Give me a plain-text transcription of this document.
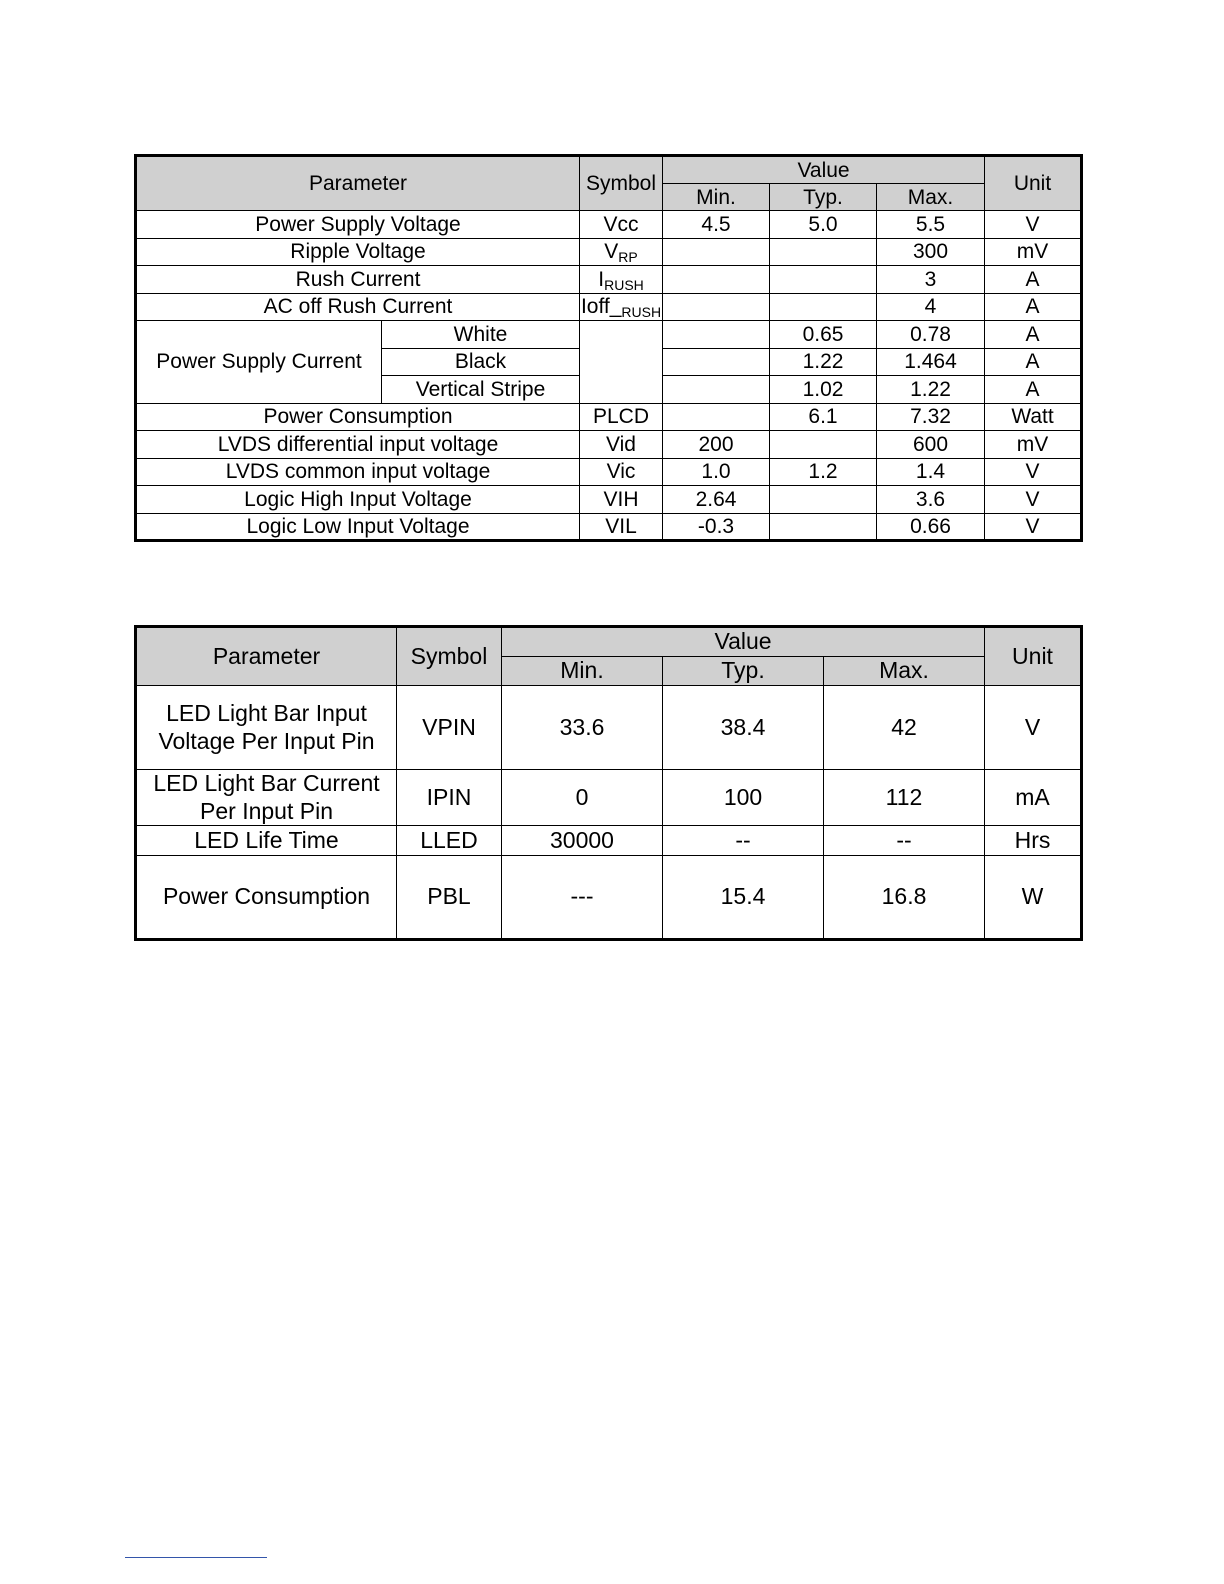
Parameter		Symbol	Value			Unit
			Min.	Typ.	Max.	
Power Supply Voltage		Vcc	4.5	5.0	5.5	V
Ripple Voltage		$V_{RP}$			300	mV
Rush Current		$I_{RUSH}$			3	A
AC off Rush Current		$Ioff\__{RUSH}$			4	A
Power Supply Current	White			0.65	0.78	A
	Black			1.22	1.464	A
	Vertical Stripe			1.02	1.22	A
Power Consumption		PLCD		6.1	7.32	Watt
LVDS differential input voltage		Vid	200		600	mV
LVDS common input voltage		Vic	1.0	1.2	1.4	V
Logic High Input Voltage		VIH	2.64		3.6	V
Logic Low Input Voltage		VIL	-0.3		0.66	V
Parameter	Symbol	Value			Unit
		Min.	Typ.	Max.	

LED Light Bar Input
Voltage Per Input Pin	VPIN	33.6	38.4	42	V

LED Light Bar Current
Per Input Pin	IPIN	0	100	112	mA
LED Life Time	LLED	30000	--	--	Hrs
Power Consumption	PBL	---	15.4	16.8	W
